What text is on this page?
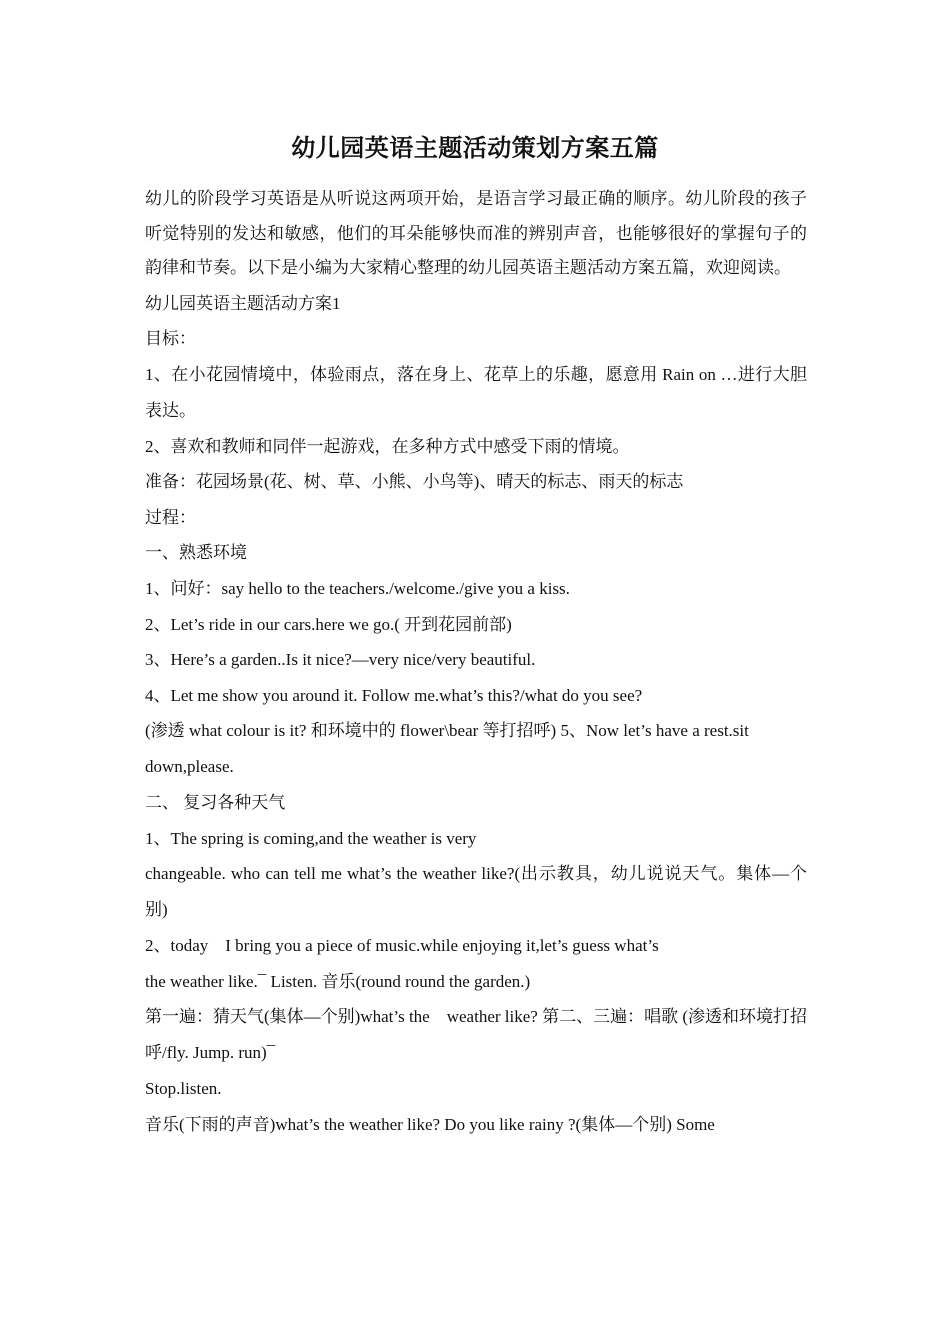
幼儿园英语主题活动策划方案五篇

幼儿的阶段学习英语是从听说这两项开始，是语言学习最正确的顺序。幼儿阶段的孩子听觉特别的发达和敏感，他们的耳朵能够快而准的辨别声音，也能够很好的掌握句子的韵律和节奏。以下是小编为大家精心整理的幼儿园英语主题活动方案五篇，欢迎阅读。

幼儿园英语主题活动方案1

目标：

1、在小花园情境中，体验雨点，落在身上、花草上的乐趣，愿意用 Rain on …进行大胆表达。

2、喜欢和教师和同伴一起游戏，在多种方式中感受下雨的情境。

准备：花园场景(花、树、草、小熊、小鸟等)、晴天的标志、雨天的标志

过程：

一、熟悉环境

1、问好：say hello to the teachers./welcome./give you a kiss.

2、Let’s ride in our cars.here we go.( 开到花园前部)

3、Here’s a garden..Is it nice?—very nice/very beautiful.

4、Let me show you around it. Follow me.what’s this?/what do you see?

(渗透 what colour is it? 和环境中的 flower\bear 等打招呼) 5、Now let’s have a rest.sit

down,please.

二、 复习各种天气

1、The spring is coming,and the weather is very

changeable. who can tell me what’s the weather like?(出示教具，幼儿说说天气。集体—个别)

2、today　I bring you a piece of music.while enjoying it,let’s guess what’s

the weather like.¯ Listen. 音乐(round round the garden.)

第一遍：猜天气(集体—个别)what’s the　weather like? 第二、三遍：唱歌 (渗透和环境打招呼/fly. Jump. run)¯

Stop.listen.

音乐(下雨的声音)what’s the weather like? Do you like rainy ?(集体—个别) Some
